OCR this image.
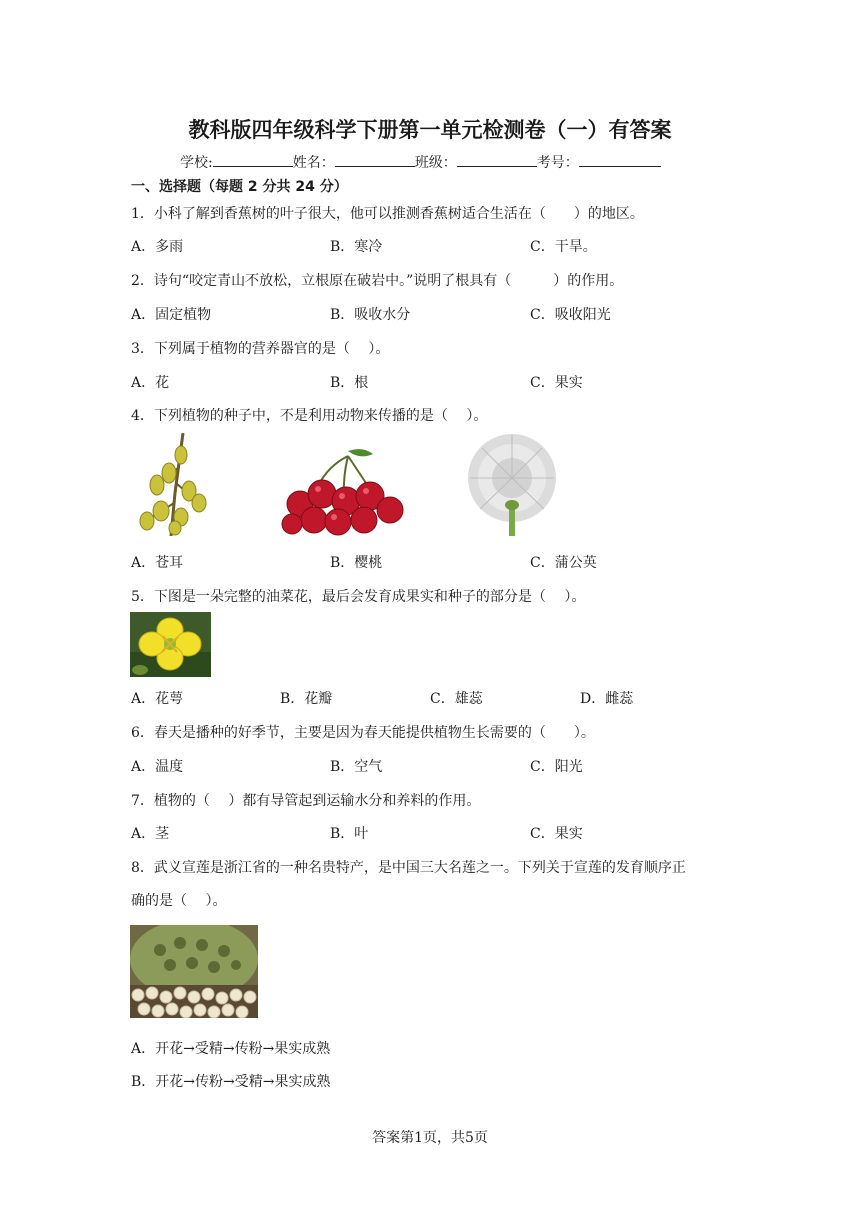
教科版四年级科学下册第一单元检测卷（一）有答案
学校:	姓名：	班级：	考号：
一、选择题（每题 2 分共 24 分）
1．小科了解到香蕉树的叶子很大，他可以推测香蕉树适合生活在（　　）的地区。
A．多雨	B．寒冷	C．干旱。
2．诗句“咬定青山不放松，立根原在破岩中。”说明了根具有（　　　）的作用。
A．固定植物	B．吸收水分	C．吸收阳光
3．下列属于植物的营养器官的是（　 ）。
A．花	B．根	C．果实
4．下列植物的种子中，不是利用动物来传播的是（　 ）。
A．苍耳	B．樱桃	C．蒲公英
5．下图是一朵完整的油菜花，最后会发育成果实和种子的部分是（　 ）。
A．花萼	B．花瓣	C．雄蕊	D．雌蕊
6．春天是播种的好季节，主要是因为春天能提供植物生长需要的（　　）。
A．温度	B．空气	C．阳光
7．植物的（　 ）都有导管起到运输水分和养料的作用。
A．茎	B．叶	C．果实
8．武义宣莲是浙江省的一种名贵特产，是中国三大名莲之一。下列关于宣莲的发育顺序正
确的是（　 ）。
A．开花→受精→传粉→果实成熟
B．开花→传粉→受精→果实成熟
答案第1页，共5页
